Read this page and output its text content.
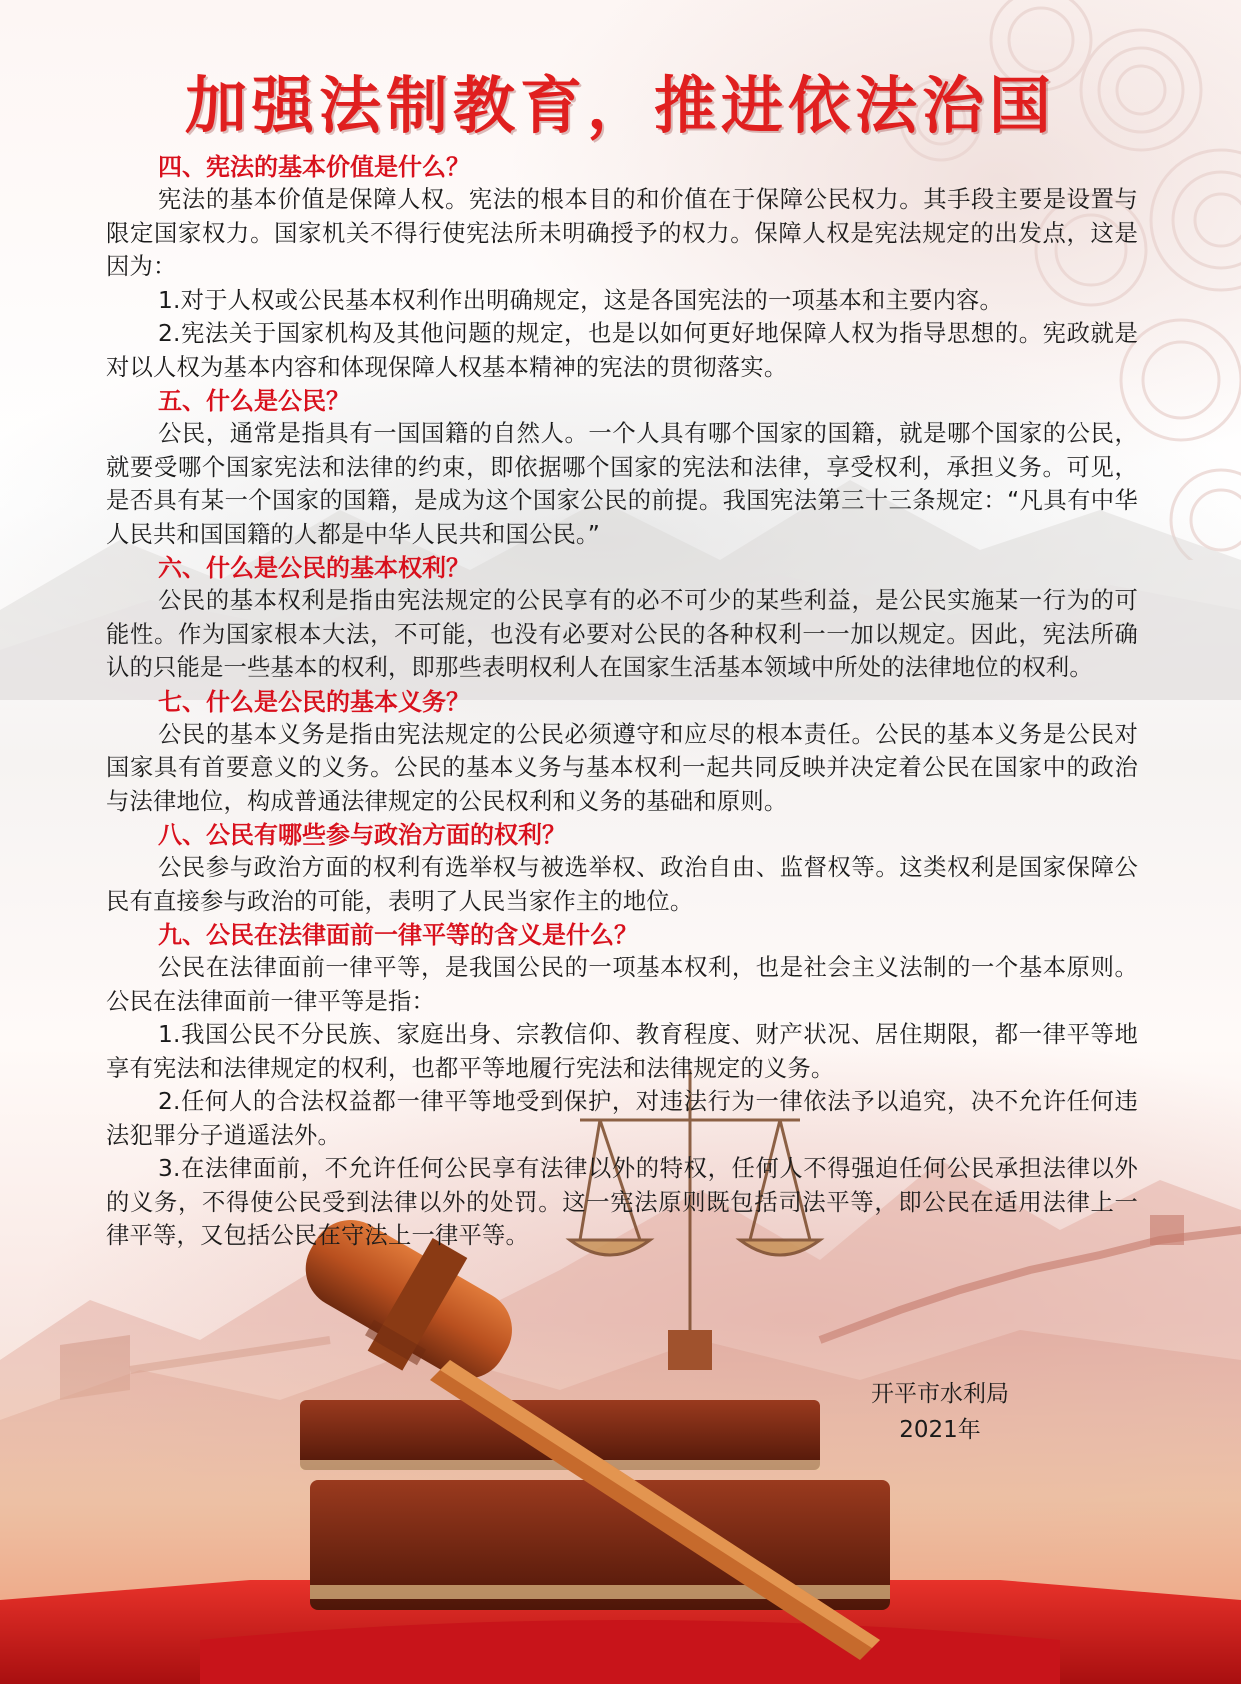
加强法制教育，推进依法治国
四、宪法的基本价值是什么？

宪法的基本价值是保障人权。宪法的根本目的和价值在于保障公民权力。其手段主要是设置与限定国家权力。国家机关不得行使宪法所未明确授予的权力。保障人权是宪法规定的出发点，这是因为：

1.对于人权或公民基本权利作出明确规定，这是各国宪法的一项基本和主要内容。

2.宪法关于国家机构及其他问题的规定，也是以如何更好地保障人权为指导思想的。宪政就是对以人权为基本内容和体现保障人权基本精神的宪法的贯彻落实。

五、什么是公民？

公民，通常是指具有一国国籍的自然人。一个人具有哪个国家的国籍，就是哪个国家的公民，就要受哪个国家宪法和法律的约束，即依据哪个国家的宪法和法律，享受权利，承担义务。可见，是否具有某一个国家的国籍，是成为这个国家公民的前提。我国宪法第三十三条规定：“凡具有中华人民共和国国籍的人都是中华人民共和国公民。”

六、什么是公民的基本权利？

公民的基本权利是指由宪法规定的公民享有的必不可少的某些利益，是公民实施某一行为的可能性。作为国家根本大法，不可能，也没有必要对公民的各种权利一一加以规定。因此，宪法所确认的只能是一些基本的权利，即那些表明权利人在国家生活基本领域中所处的法律地位的权利。

七、什么是公民的基本义务？

公民的基本义务是指由宪法规定的公民必须遵守和应尽的根本责任。公民的基本义务是公民对国家具有首要意义的义务。公民的基本义务与基本权利一起共同反映并决定着公民在国家中的政治与法律地位，构成普通法律规定的公民权利和义务的基础和原则。

八、公民有哪些参与政治方面的权利？

公民参与政治方面的权利有选举权与被选举权、政治自由、监督权等。这类权利是国家保障公民有直接参与政治的可能，表明了人民当家作主的地位。

九、公民在法律面前一律平等的含义是什么？

公民在法律面前一律平等，是我国公民的一项基本权利，也是社会主义法制的一个基本原则。公民在法律面前一律平等是指：

1.我国公民不分民族、家庭出身、宗教信仰、教育程度、财产状况、居住期限，都一律平等地享有宪法和法律规定的权利，也都平等地履行宪法和法律规定的义务。

2.任何人的合法权益都一律平等地受到保护，对违法行为一律依法予以追究，决不允许任何违法犯罪分子逍遥法外。

3.在法律面前，不允许任何公民享有法律以外的特权，任何人不得强迫任何公民承担法律以外的义务，不得使公民受到法律以外的处罚。这一宪法原则既包括司法平等，即公民在适用法律上一律平等，又包括公民在守法上一律平等。

开平市水利局
2021年
